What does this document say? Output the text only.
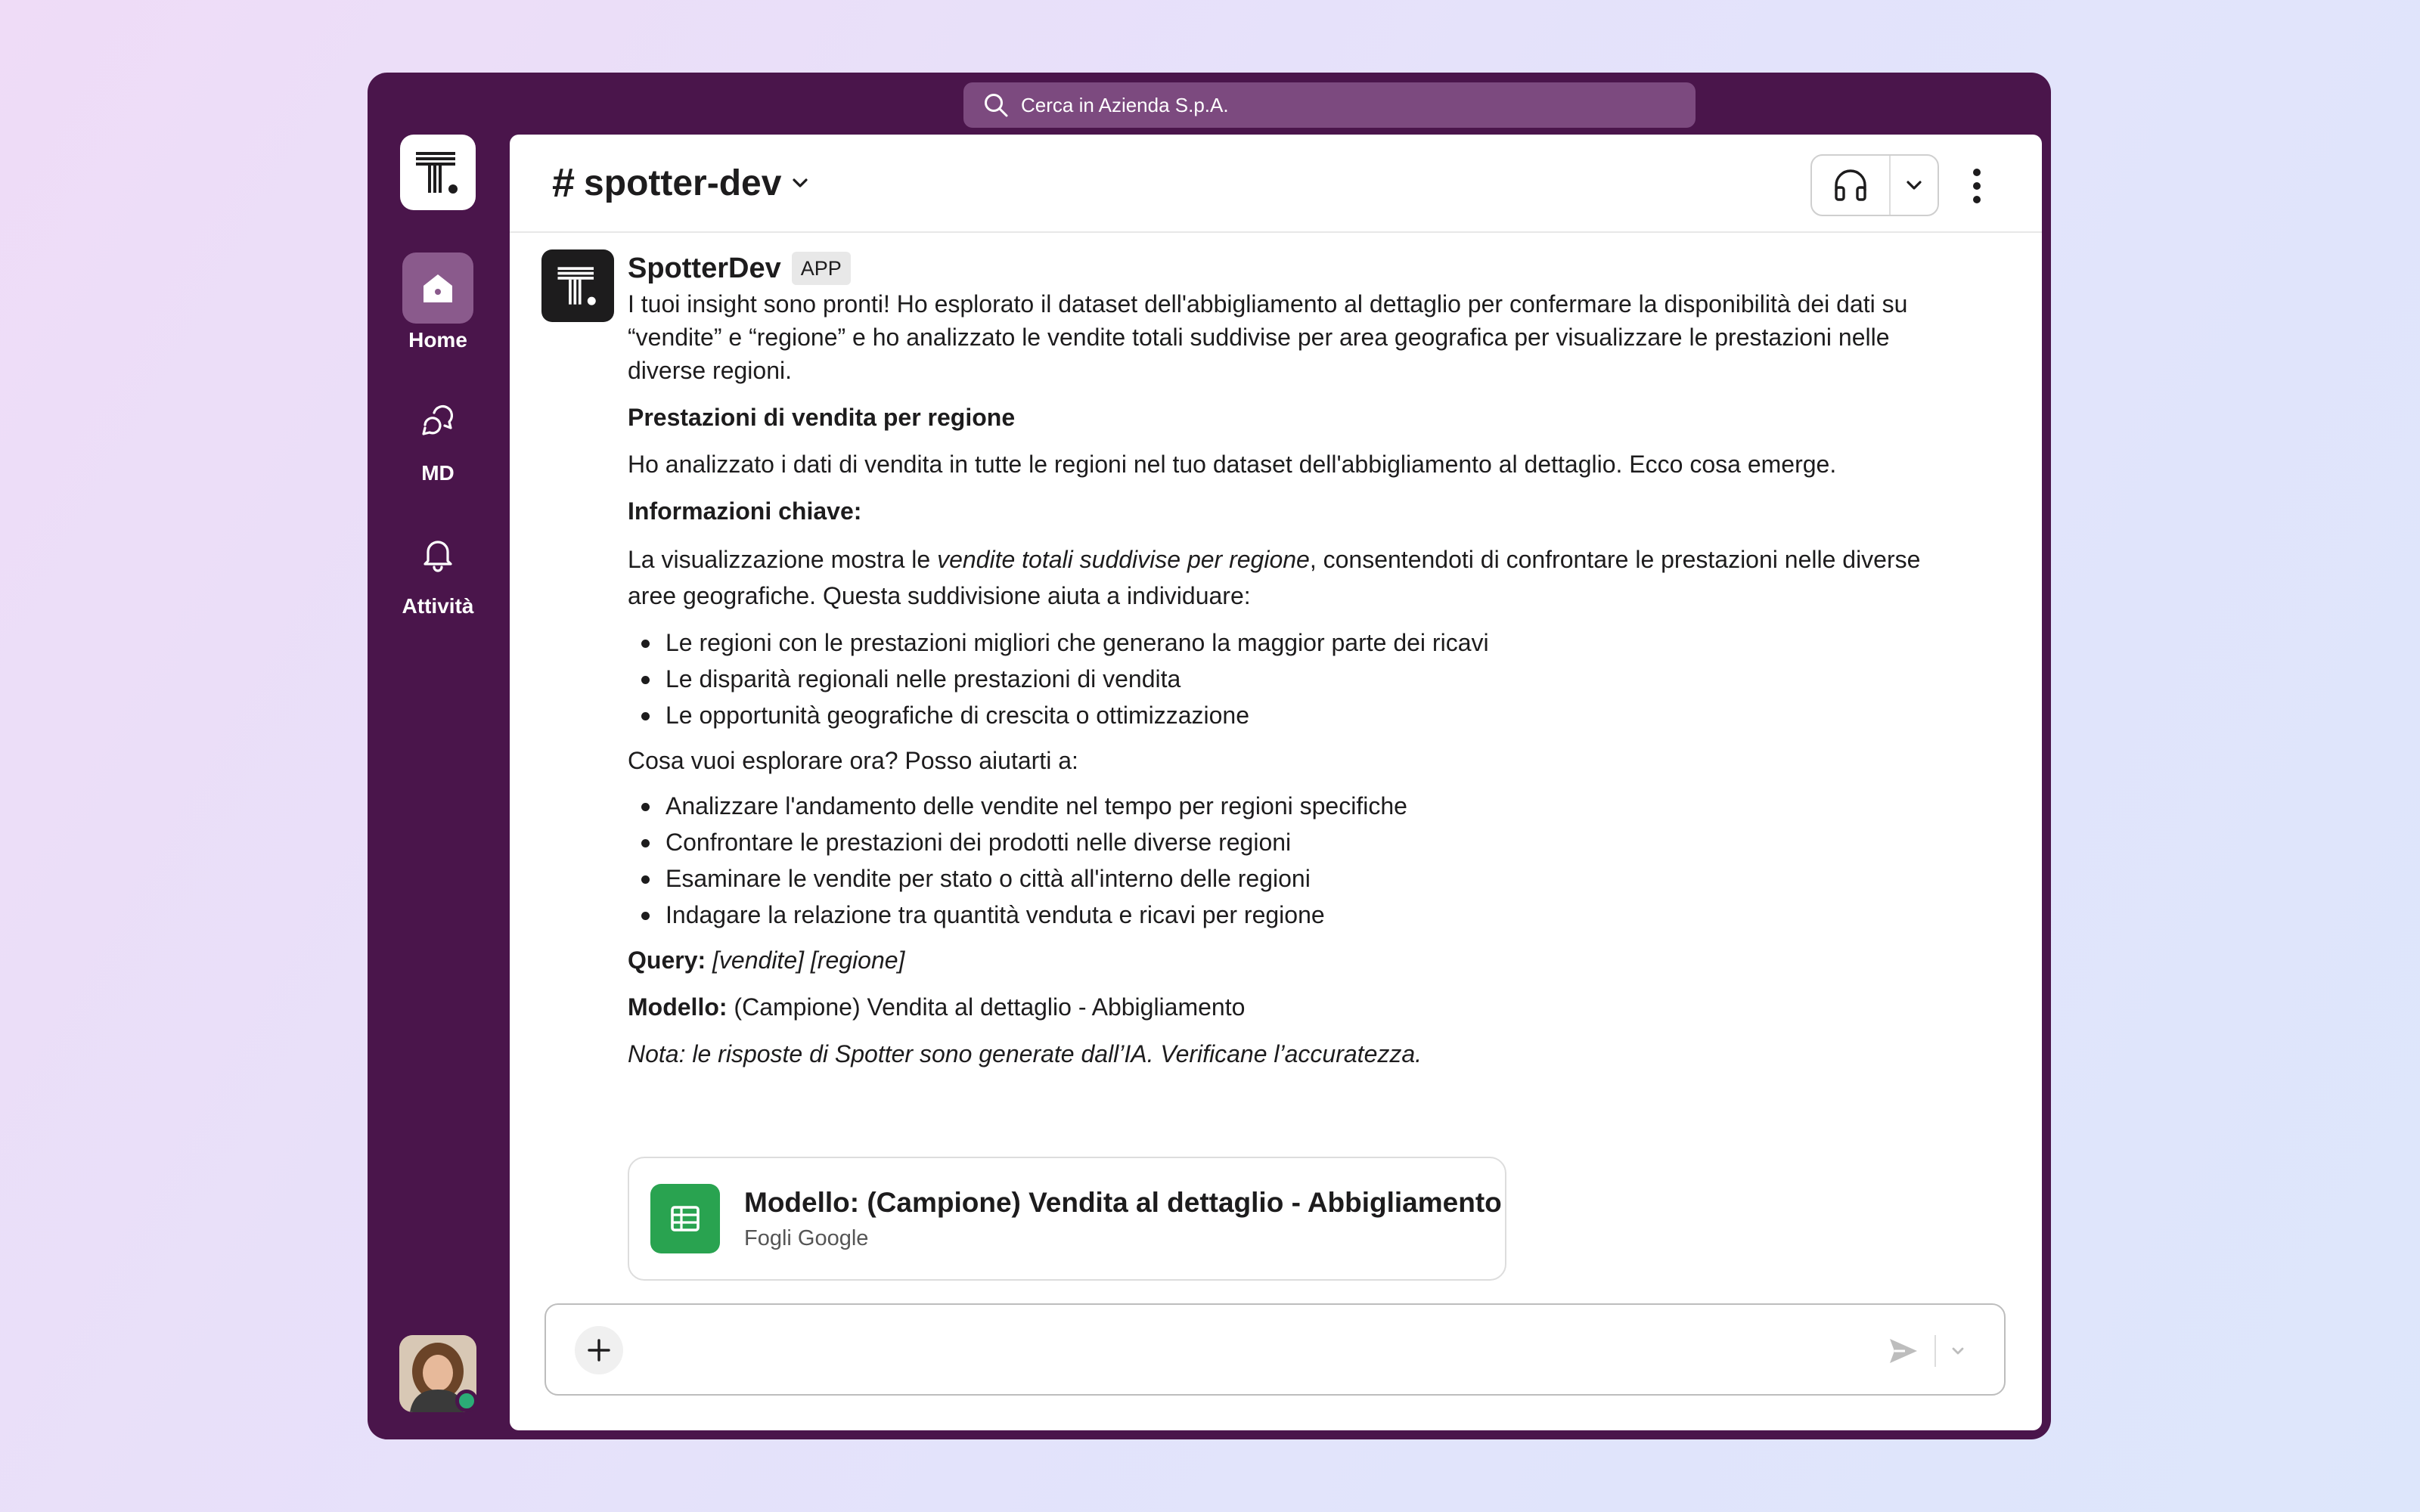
Cerca in Azienda S.p.A.
Home
MD
Attività
# spotter-dev
SpotterDev APP
I tuoi insight sono pronti! Ho esplorato il dataset dell'abbigliamento al dettaglio per confermare la disponibilità dei dati su “vendite” e “regione” e ho analizzato le vendite totali suddivise per area geografica per visualizzare le prestazioni nelle diverse regioni.
Prestazioni di vendita per regione
Ho analizzato i dati di vendita in tutte le regioni nel tuo dataset dell'abbigliamento al dettaglio. Ecco cosa emerge.
Informazioni chiave:
La visualizzazione mostra le vendite totali suddivise per regione, consentendoti di confrontare le prestazioni nelle diverse aree geografiche. Questa suddivisione aiuta a individuare:
Le regioni con le prestazioni migliori che generano la maggior parte dei ricavi
Le disparità regionali nelle prestazioni di vendita
Le opportunità geografiche di crescita o ottimizzazione
Cosa vuoi esplorare ora? Posso aiutarti a:
Analizzare l'andamento delle vendite nel tempo per regioni specifiche
Confrontare le prestazioni dei prodotti nelle diverse regioni
Esaminare le vendite per stato o città all'interno delle regioni
Indagare la relazione tra quantità venduta e ricavi per regione
Query: [vendite] [regione]
Modello: (Campione) Vendita al dettaglio - Abbigliamento
Nota: le risposte di Spotter sono generate dall’IA. Verificane l’accuratezza.
Modello: (Campione) Vendita al dettaglio - Abbigliamento
Fogli Google
